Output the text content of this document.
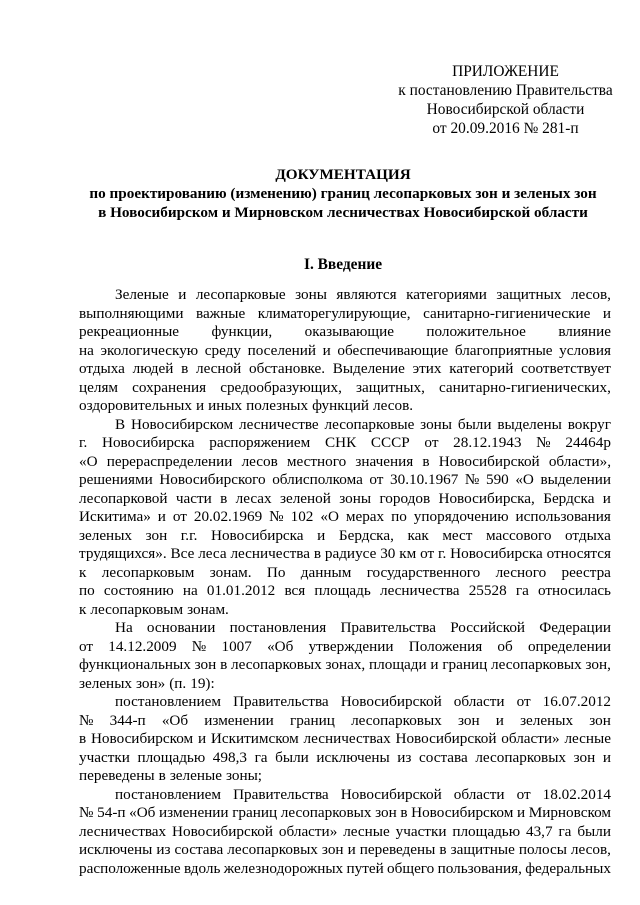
ПРИЛОЖЕНИЕ
к постановлению Правительства
Новосибирской области
от 20.09.2016 № 281-п
ДОКУМЕНТАЦИЯ
по проектированию (изменению) границ лесопарковых зон и зеленых зон
в Новосибирском и Мирновском лесничествах Новосибирской области
I. Введение
Зеленые и лесопарковые зоны являются категориями защитных лесов,
выполняющими важные климаторегулирующие, санитарно-гигиенические и
рекреационные функции, оказывающие положительное влияние
на экологическую среду поселений и обеспечивающие благоприятные условия
отдыха людей в лесной обстановке. Выделение этих категорий соответствует
целям сохранения средообразующих, защитных, санитарно-гигиенических,
оздоровительных и иных полезных функций лесов.
В Новосибирском лесничестве лесопарковые зоны были выделены вокруг
г. Новосибирска распоряжением СНК СССР от 28.12.1943 № 24464р
«О перераспределении лесов местного значения в Новосибирской области»,
решениями Новосибирского облисполкома от 30.10.1967 № 590 «О выделении
лесопарковой части в лесах зеленой зоны городов Новосибирска, Бердска и
Искитима» и от 20.02.1969 № 102 «О мерах по упорядочению использования
зеленых зон г.г. Новосибирска и Бердска, как мест массового отдыха
трудящихся». Все леса лесничества в радиусе 30 км от г. Новосибирска относятся
к лесопарковым зонам. По данным государственного лесного реестра
по состоянию на 01.01.2012 вся площадь лесничества 25528 га относилась
к лесопарковым зонам.
На основании постановления Правительства Российской Федерации
от 14.12.2009 № 1007 «Об утверждении Положения об определении
функциональных зон в лесопарковых зонах, площади и границ лесопарковых зон,
зеленых зон» (п. 19):
постановлением Правительства Новосибирской области от 16.07.2012
№ 344-п «Об изменении границ лесопарковых зон и зеленых зон
в Новосибирском и Искитимском лесничествах Новосибирской области» лесные
участки площадью 498,3 га были исключены из состава лесопарковых зон и
переведены в зеленые зоны;
постановлением Правительства Новосибирской области от 18.02.2014
№ 54-п «Об изменении границ лесопарковых зон в Новосибирском и Мирновском
лесничествах Новосибирской области» лесные участки площадью 43,7 га были
исключены из состава лесопарковых зон и переведены в защитные полосы лесов,
расположенные вдоль железнодорожных путей общего пользования, федеральных
